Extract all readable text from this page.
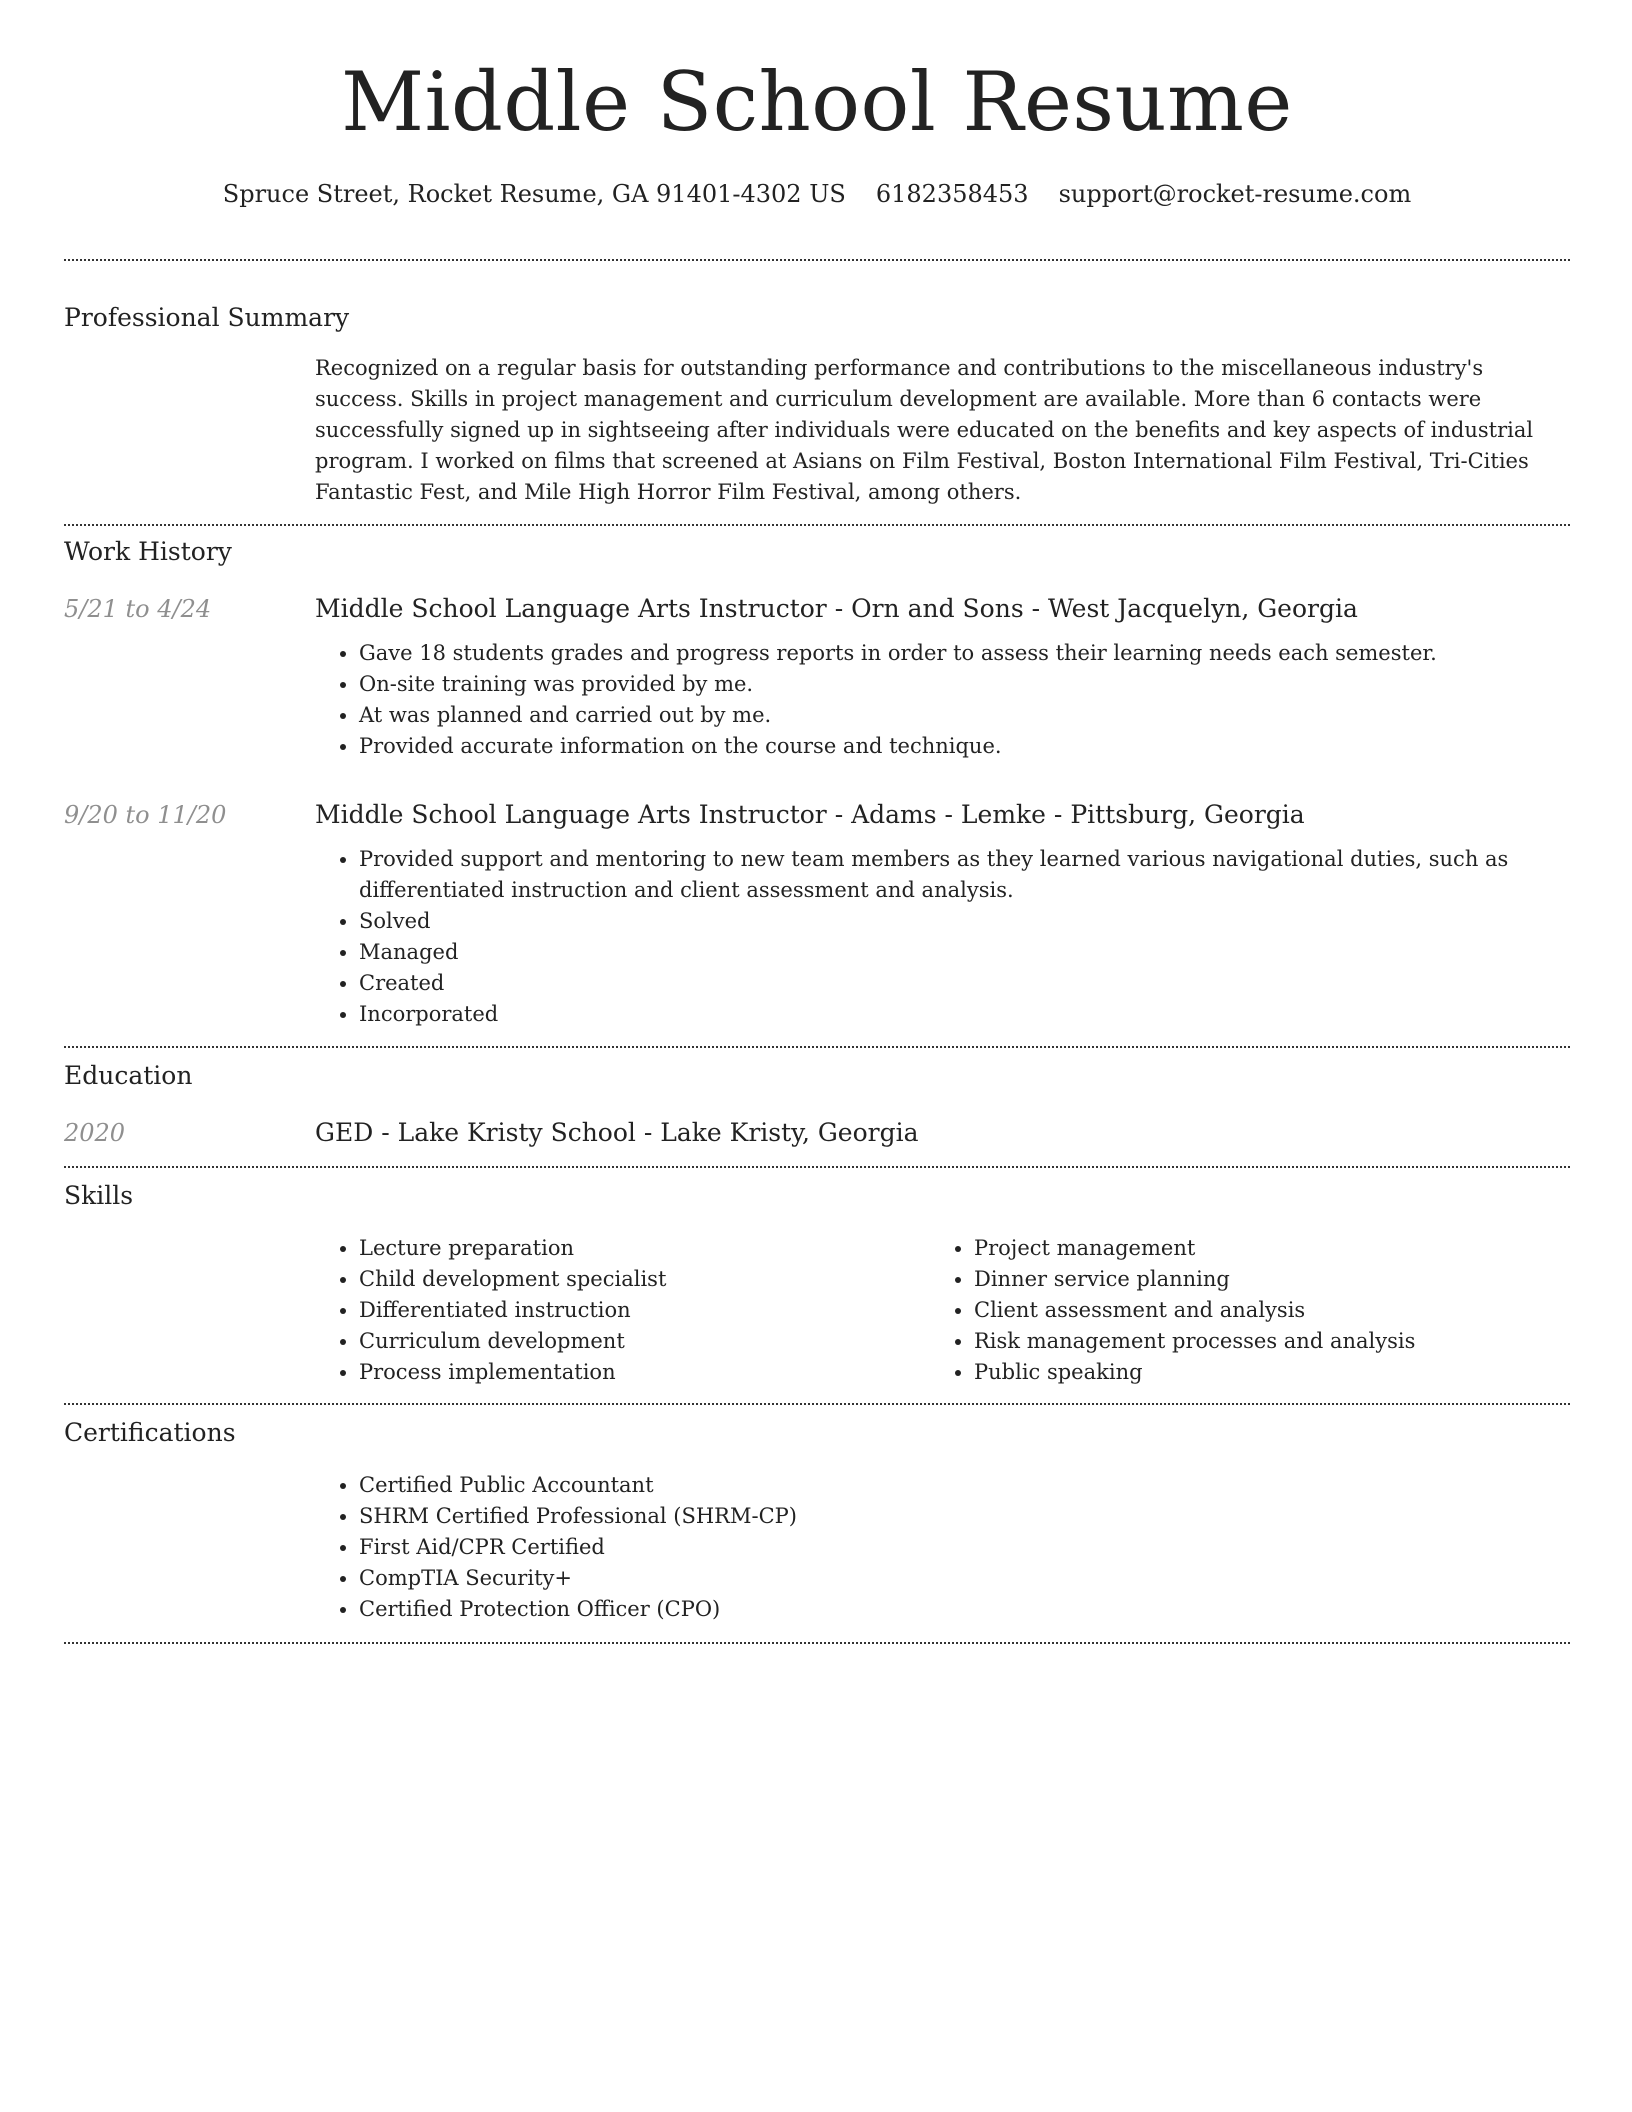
Middle School Resume
Spruce Street, Rocket Resume, GA 91401-4302 US 6182358453 support@rocket-resume.com
Professional Summary
Recognized on a regular basis for outstanding performance and contributions to the miscellaneous industry's success. Skills in project management and curriculum development are available. More than 6 contacts were successfully signed up in sightseeing after individuals were educated on the benefits and key aspects of industrial program. I worked on films that screened at Asians on Film Festival, Boston International Film Festival, Tri-Cities Fantastic Fest, and Mile High Horror Film Festival, among others.
Work History
5/21 to 4/24	Middle School Language Arts Instructor - Orn and Sons - West Jacquelyn, Georgia
• Gave 18 students grades and progress reports in order to assess their learning needs each semester.
• On-site training was provided by me.
• At was planned and carried out by me.
• Provided accurate information on the course and technique.
9/20 to 11/20	Middle School Language Arts Instructor - Adams - Lemke - Pittsburg, Georgia
• Provided support and mentoring to new team members as they learned various navigational duties, such as differentiated instruction and client assessment and analysis.
• Solved
• Managed
• Created
• Incorporated
Education
2020	GED - Lake Kristy School - Lake Kristy, Georgia
Skills
• Lecture preparation
• Child development specialist
• Differentiated instruction
• Curriculum development
• Process implementation
• Project management
• Dinner service planning
• Client assessment and analysis
• Risk management processes and analysis
• Public speaking
Certifications
• Certified Public Accountant
• SHRM Certified Professional (SHRM-CP)
• First Aid/CPR Certified
• CompTIA Security+
• Certified Protection Officer (CPO)
